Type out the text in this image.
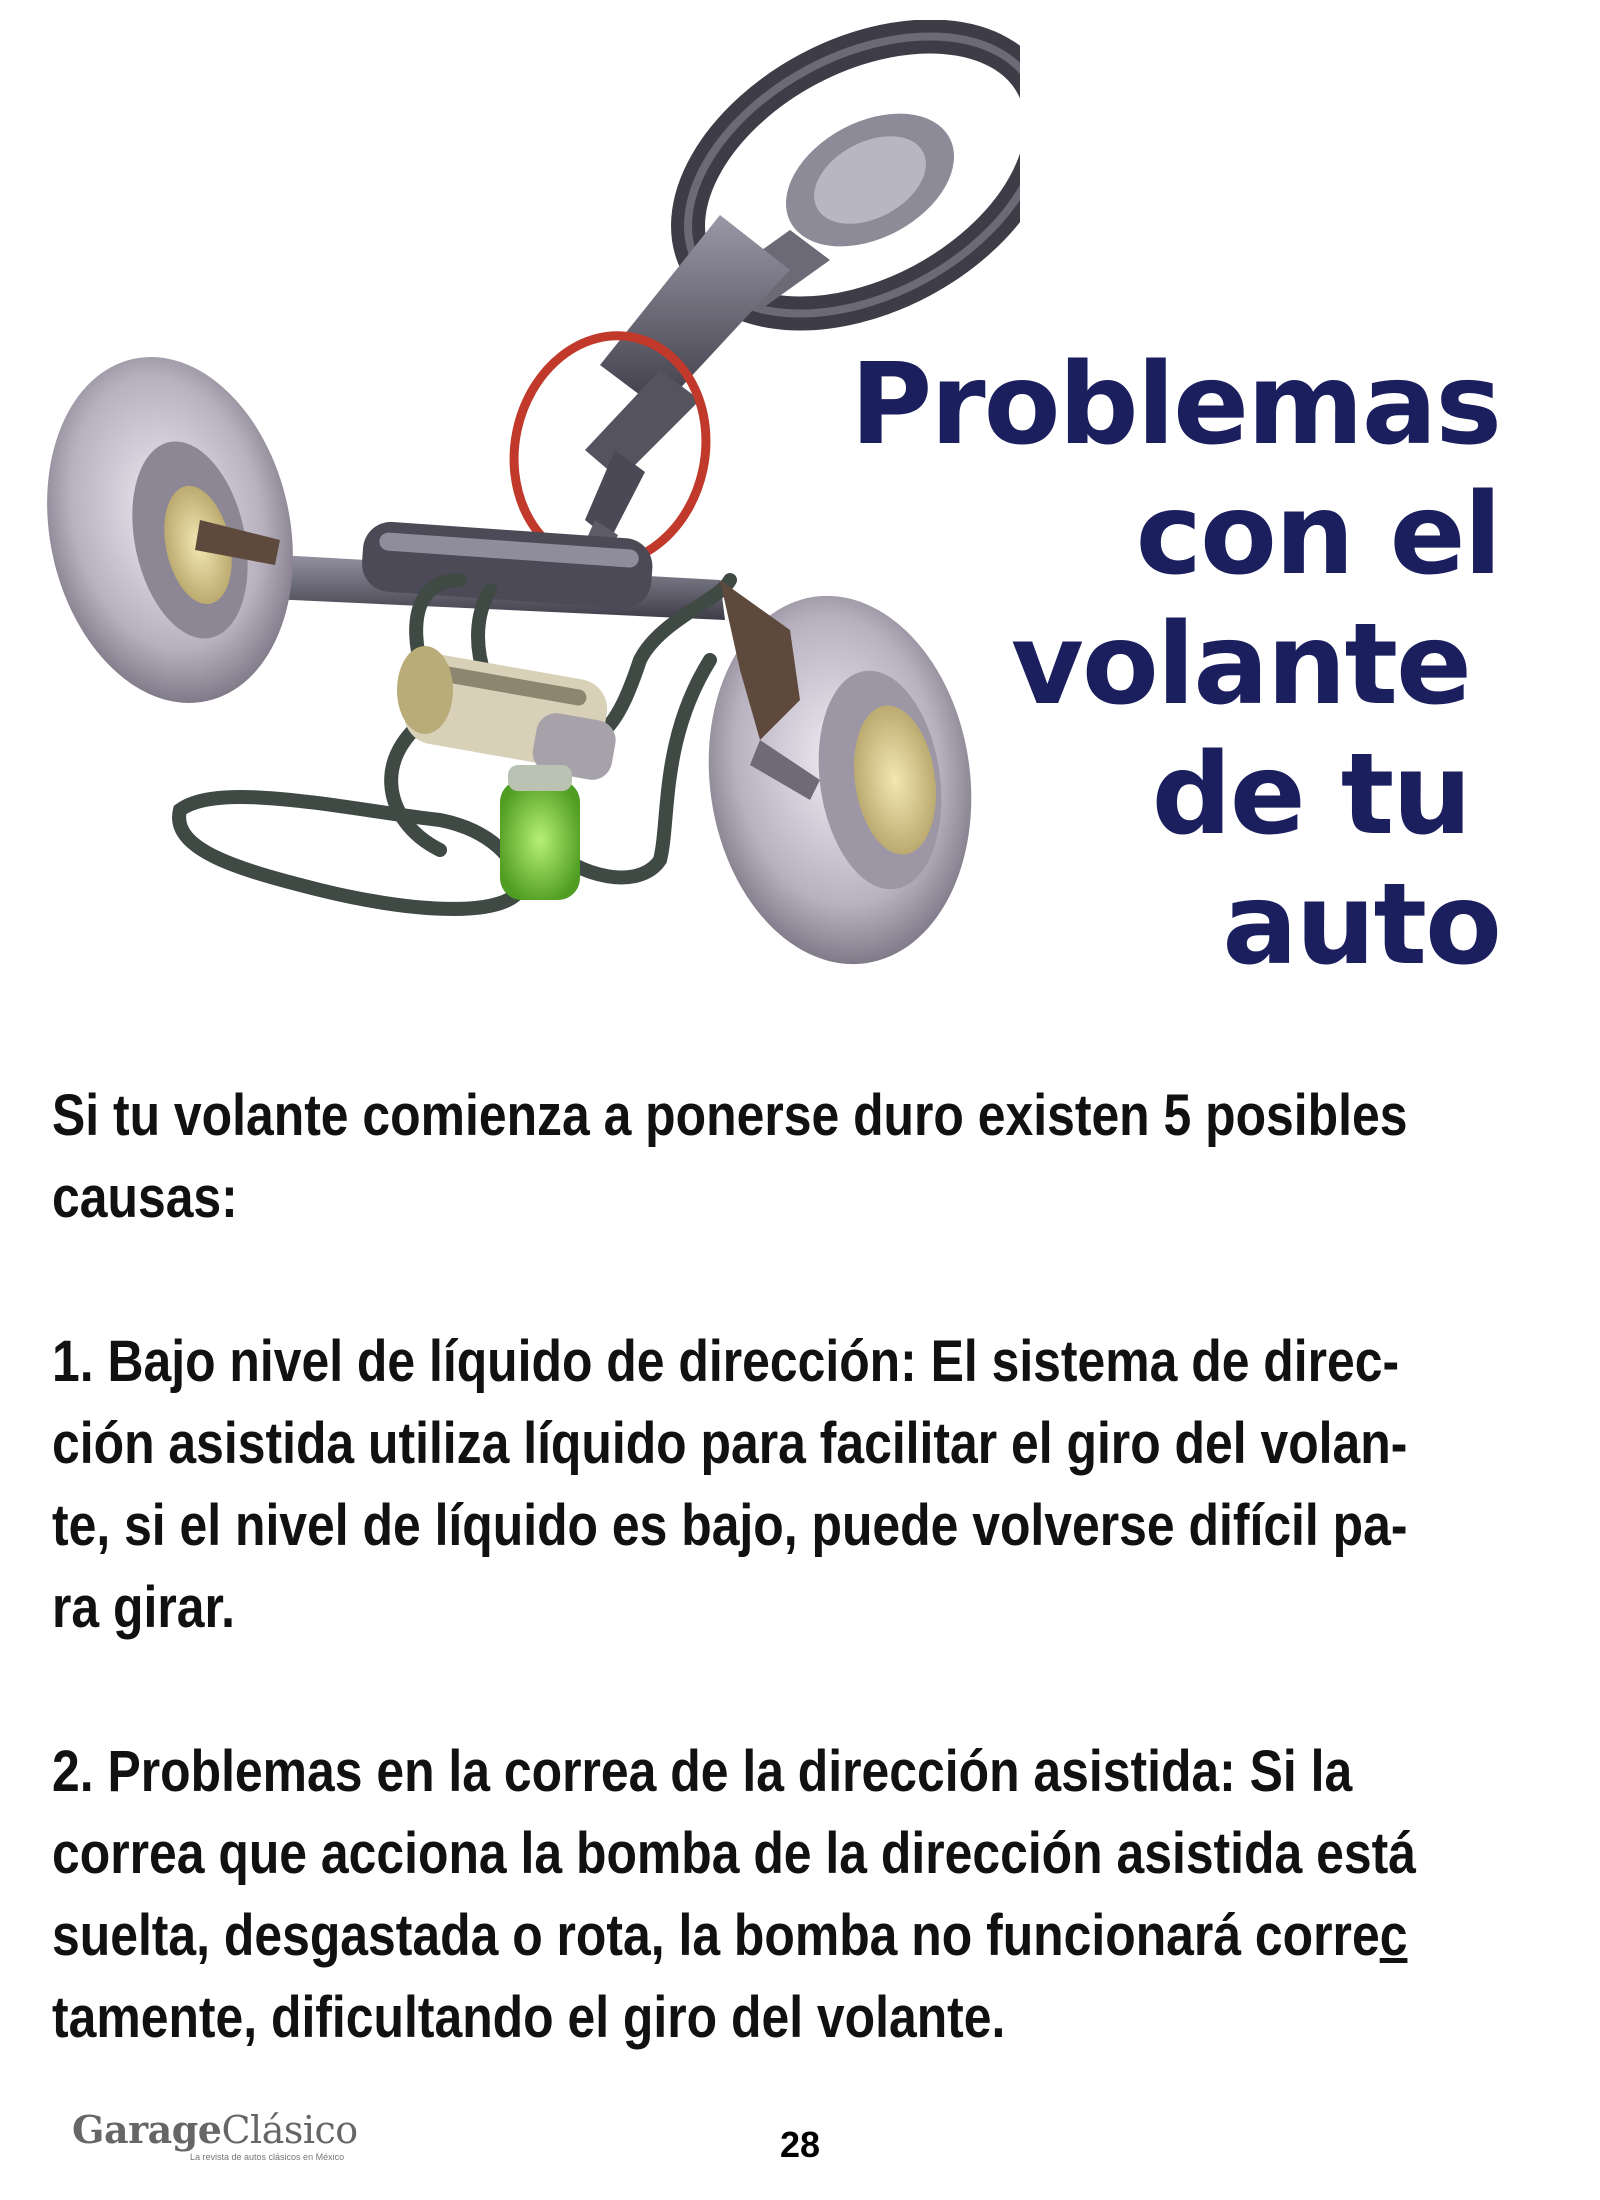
Problemas
con el
volante
de tu
auto

Si tu volante comienza a ponerse duro existen 5 posibles
causas:

1. Bajo nivel de líquido de dirección: El sistema de direc-
ción asistida utiliza líquido para facilitar el giro del volan-
te, si el nivel de líquido es bajo, puede volverse difícil pa-
ra girar.

2. Problemas en la correa de la dirección asistida: Si la
correa que acciona la bomba de la dirección asistida está
suelta, desgastada o rota, la bomba no funcionará correc
tamente, dificultando el giro del volante.

GarageClásico
La revista de autos clásicos en México	28
